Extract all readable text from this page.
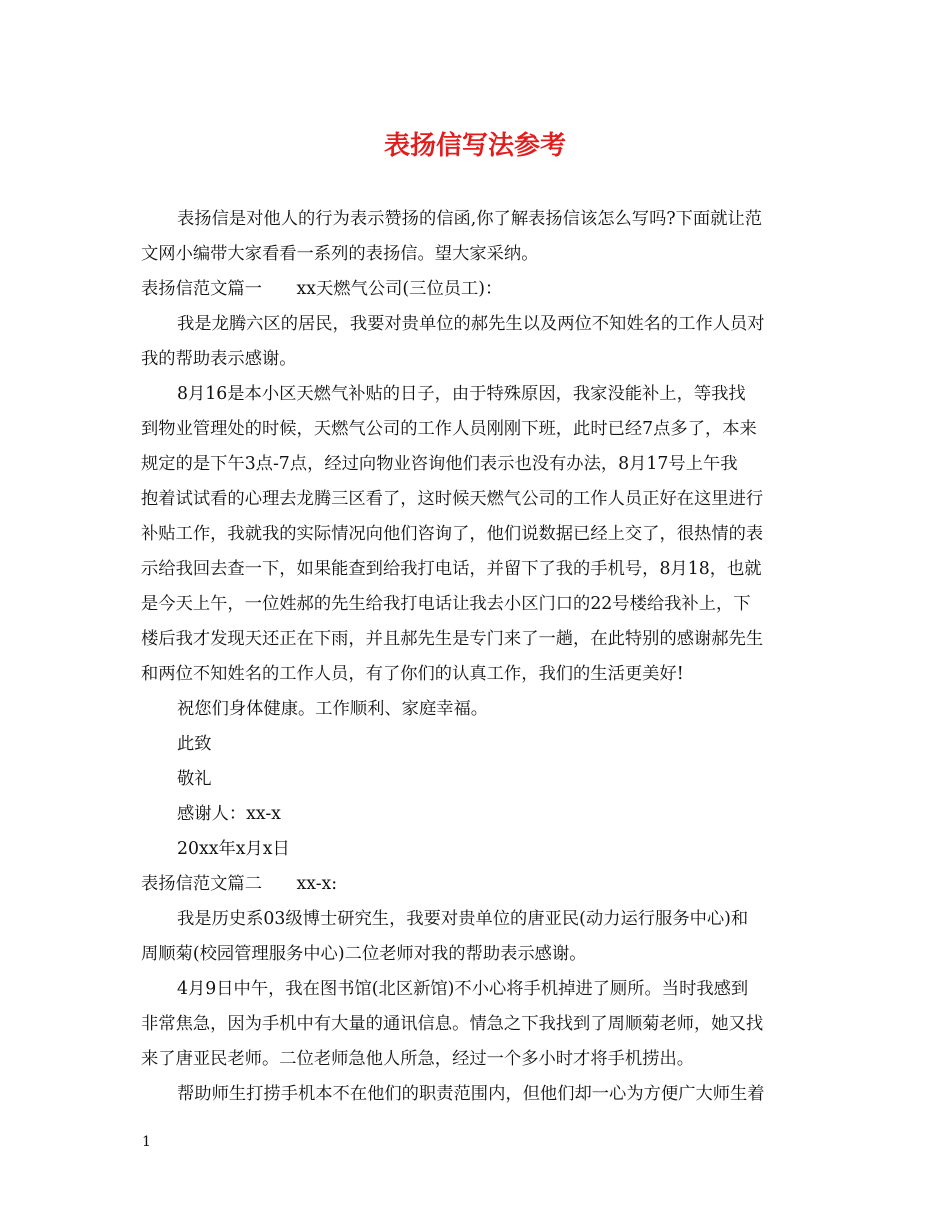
表扬信写法参考
表扬信是对他人的行为表示赞扬的信函,你了解表扬信该怎么写吗?下面就让范
文网小编带大家看看一系列的表扬信。望大家采纳。
表扬信范文篇一　　xx天燃气公司(三位员工)：
我是龙腾六区的居民，我要对贵单位的郝先生以及两位不知姓名的工作人员对
我的帮助表示感谢。
8月16是本小区天燃气补贴的日子，由于特殊原因，我家没能补上，等我找
到物业管理处的时候，天燃气公司的工作人员刚刚下班，此时已经7点多了，本来
规定的是下午3点-7点，经过向物业咨询他们表示也没有办法，8月17号上午我
抱着试试看的心理去龙腾三区看了，这时候天燃气公司的工作人员正好在这里进行
补贴工作，我就我的实际情况向他们咨询了，他们说数据已经上交了，很热情的表
示给我回去查一下，如果能查到给我打电话，并留下了我的手机号，8月18，也就
是今天上午，一位姓郝的先生给我打电话让我去小区门口的22号楼给我补上，下
楼后我才发现天还正在下雨，并且郝先生是专门来了一趟，在此特别的感谢郝先生
和两位不知姓名的工作人员，有了你们的认真工作，我们的生活更美好!
祝您们身体健康。工作顺利、家庭幸福。
此致
敬礼
感谢人：xx-x
20xx年x月x日
表扬信范文篇二　　xx-x:
我是历史系03级博士研究生，我要对贵单位的唐亚民(动力运行服务中心)和
周顺菊(校园管理服务中心)二位老师对我的帮助表示感谢。
4月9日中午，我在图书馆(北区新馆)不小心将手机掉进了厕所。当时我感到
非常焦急，因为手机中有大量的通讯信息。情急之下我找到了周顺菊老师，她又找
来了唐亚民老师。二位老师急他人所急，经过一个多小时才将手机捞出。
帮助师生打捞手机本不在他们的职责范围内，但他们却一心为方便广大师生着
1
